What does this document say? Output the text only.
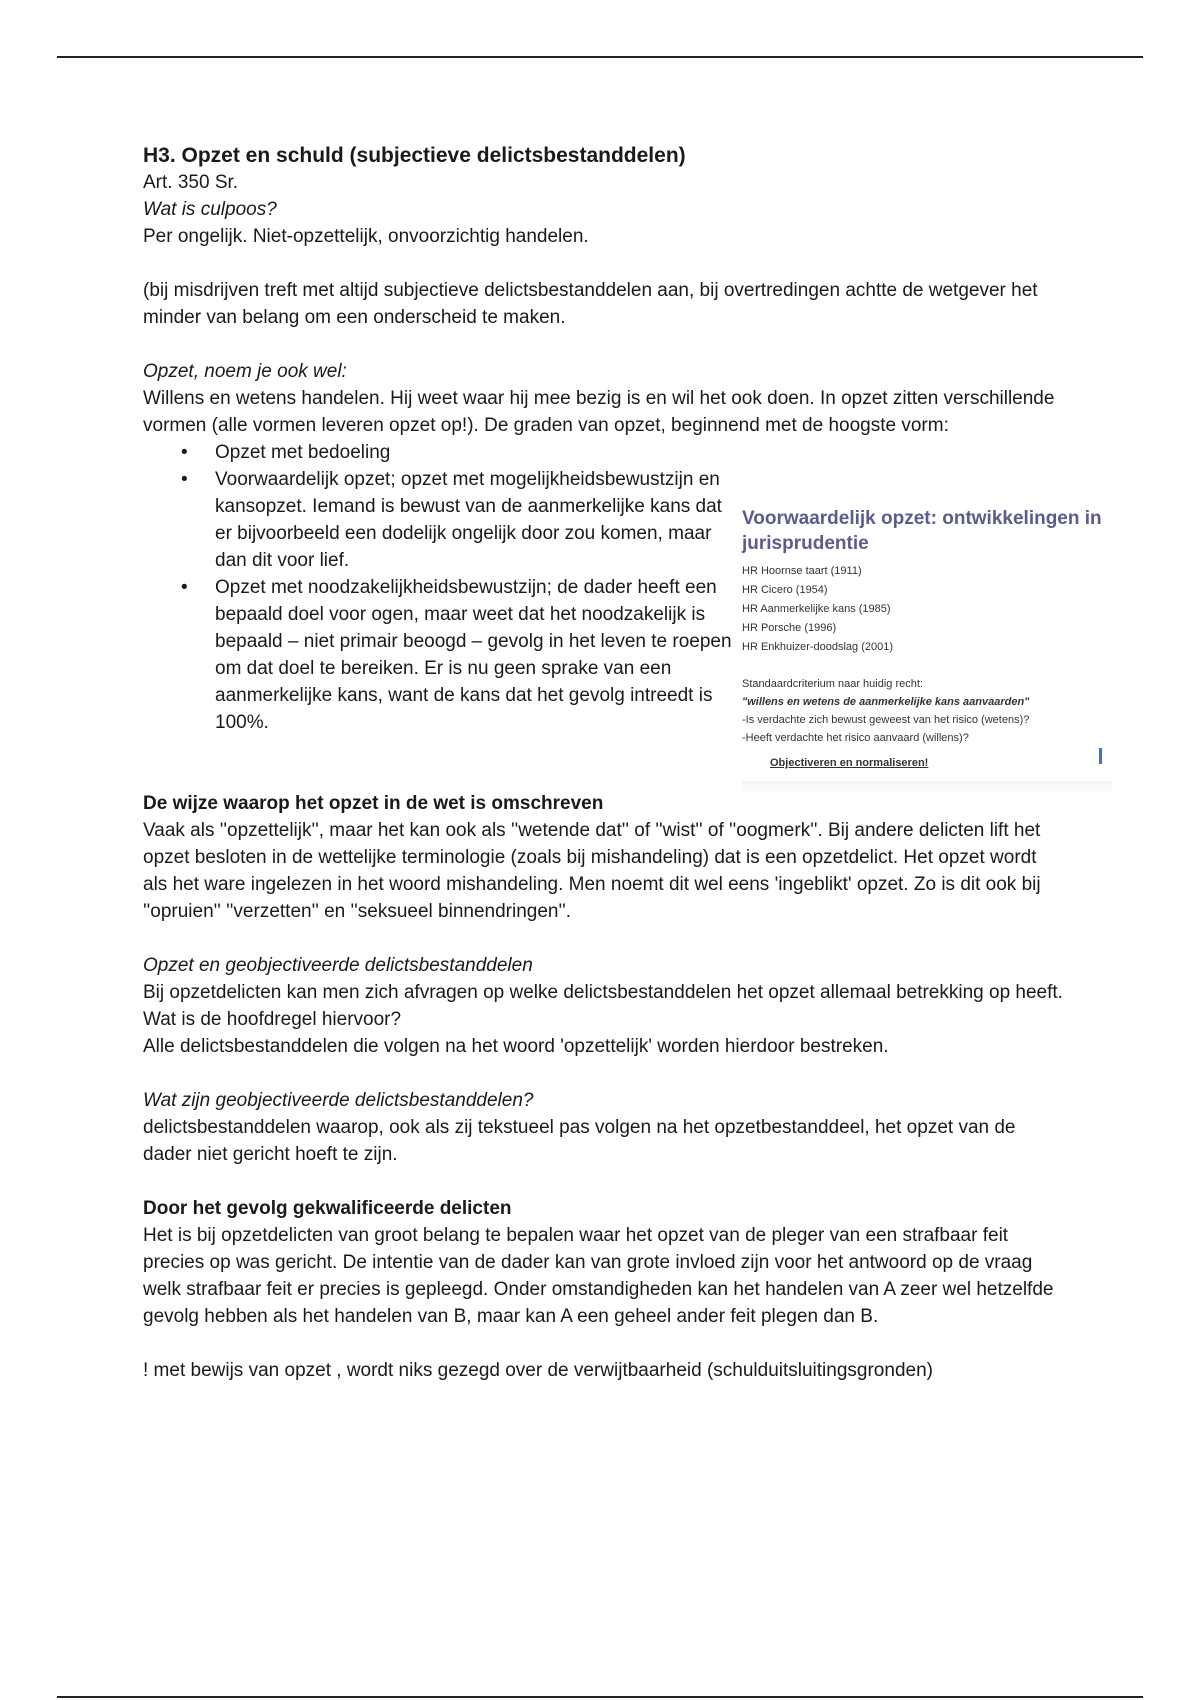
H3. Opzet en schuld (subjectieve delictsbestanddelen)

Art. 350 Sr.

Wat is culpoos?

Per ongelijk. Niet-opzettelijk, onvoorzichtig handelen.

(bij misdrijven treft met altijd subjectieve delictsbestanddelen aan, bij overtredingen achtte de wetgever het minder van belang om een onderscheid te maken.

Opzet, noem je ook wel:

Willens en wetens handelen. Hij weet waar hij mee bezig is en wil het ook doen. In opzet zitten verschillende vormen (alle vormen leveren opzet op!). De graden van opzet, beginnend met de hoogste vorm:

• Opzet met bedoeling
• Voorwaardelijk opzet; opzet met mogelijkheidsbewustzijn en kansopzet. Iemand is bewust van de aanmerkelijke kans dat er bijvoorbeeld een dodelijk ongelijk door zou komen, maar dan dit voor lief.
• Opzet met noodzakelijkheidsbewustzijn; de dader heeft een bepaald doel voor ogen, maar weet dat het noodzakelijk is bepaald – niet primair beoogd – gevolg in het leven te roepen om dat doel te bereiken. Er is nu geen sprake van een aanmerkelijke kans, want de kans dat het gevolg intreedt is 100%.

De wijze waarop het opzet in de wet is omschreven

Vaak als ''opzettelijk'', maar het kan ook als ''wetende dat'' of ''wist'' of ''oogmerk''. Bij andere delicten lift het opzet besloten in de wettelijke terminologie (zoals bij mishandeling) dat is een opzetdelict. Het opzet wordt als het ware ingelezen in het woord mishandeling. Men noemt dit wel eens 'ingeblikt' opzet. Zo is dit ook bij ''opruien'' ''verzetten'' en ''seksueel binnendringen''.

Opzet en geobjectiveerde delictsbestanddelen

Bij opzetdelicten kan men zich afvragen op welke delictsbestanddelen het opzet allemaal betrekking op heeft. Wat is de hoofdregel hiervoor?

Alle delictsbestanddelen die volgen na het woord 'opzettelijk' worden hierdoor bestreken.

Wat zijn geobjectiveerde delictsbestanddelen?

delictsbestanddelen waarop, ook als zij tekstueel pas volgen na het opzetbestanddeel, het opzet van de dader niet gericht hoeft te zijn.

Door het gevolg gekwalificeerde delicten

Het is bij opzetdelicten van groot belang te bepalen waar het opzet van de pleger van een strafbaar feit precies op was gericht. De intentie van de dader kan van grote invloed zijn voor het antwoord op de vraag welk strafbaar feit er precies is gepleegd. Onder omstandigheden kan het handelen van A zeer wel hetzelfde gevolg hebben als het handelen van B, maar kan A een geheel ander feit plegen dan B.

! met bewijs van opzet , wordt niks gezegd over de verwijtbaarheid (schulduitsluitingsgronden)

Voorwaardelijk opzet: ontwikkelingen in jurisprudentie
HR Hoornse taart (1911)
HR Cicero (1954)
HR Aanmerkelijke kans (1985)
HR Porsche (1996)
HR Enkhuizer-doodslag (2001)
Standaardcriterium naar huidig recht:
"willens en wetens de aanmerkelijke kans aanvaarden"
-Is verdachte zich bewust geweest van het risico (wetens)?
-Heeft verdachte het risico aanvaard (willens)?
Objectiveren en normaliseren!
